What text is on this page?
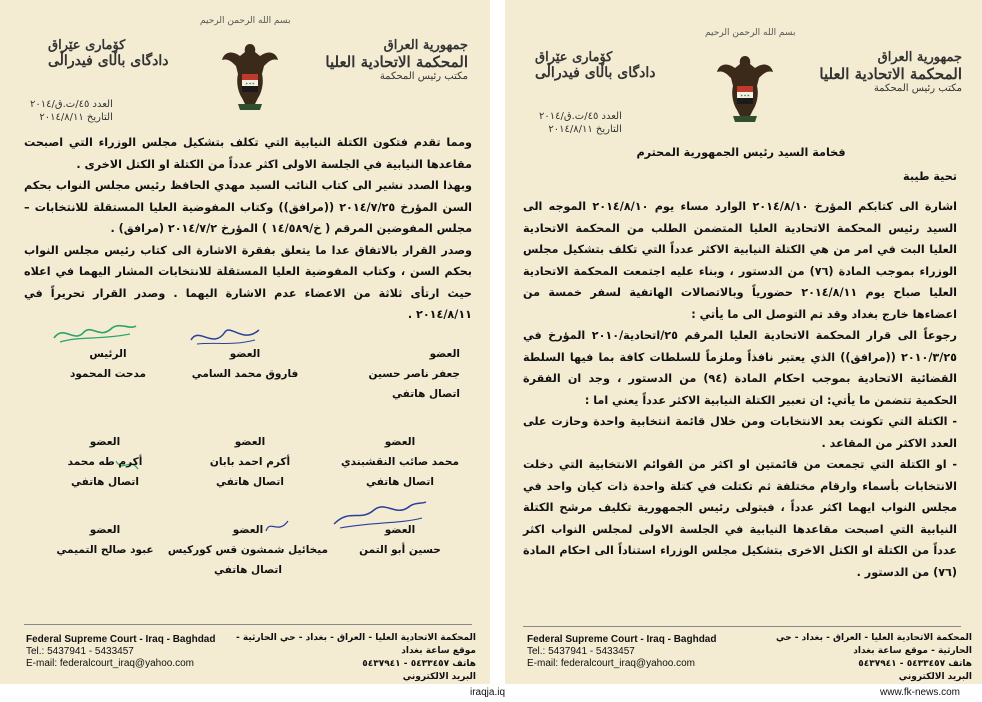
بسم الله الرحمن الرحيم
جمهورية العراق
المحكمة الاتحادية العليا
مكتب رئيس المحكمة
✶✶✶
كۆماری عێراق
دادگای باڵای فیدراڵی
العدد ٤٥/ت.ق/٢٠١٤
التاريخ ٢٠١٤/٨/١١

ومما تقدم فتكون الكتلة النيابية التي تكلف بتشكيل مجلس الوزراء التي اصبحت مقاعدها النيابية في الجلسة الاولى اكثر عدداً من الكتلة او الكتل الاخرى .

وبهذا الصدد نشير الى كتاب النائب السيد مهدي الحافظ رئيس مجلس النواب بحكم السن المؤرخ ٢٠١٤/٧/٢٥ ((مرافق)) وكتاب المفوضية العليا المستقلة للانتخابات – مجلس المفوضين المرقم ( خ/١٤/٥٨٩ ) المؤرخ ٢٠١٤/٧/٢ (مرافق) .

وصدر القرار بالاتفاق عدا ما يتعلق بفقرة الاشارة الى كتاب رئيس مجلس النواب بحكم السن ، وكتاب المفوضية العليا المستقلة للانتخابات المشار اليهما في اعلاه حيث ارتأى ثلاثة من الاعضاء عدم الاشارة اليهما . وصدر القرار تحريراً في ٢٠١٤/٨/١١ .

الرئيس
مدحت المحمود
العضو
فاروق محمد السامي
العضو
جعفر ناصر حسين
اتصال هاتفي
العضو
أكرم طه محمد
اتصال هاتفي
العضو
أكرم احمد بابان
اتصال هاتفي
العضو
محمد صائب النقشبندي
اتصال هاتفي
العضو
عبود صالح التميمي
العضو
ميخائيل شمشون قس كوركيس
اتصال هاتفي
العضو
حسين أبو التمن
Federal Supreme Court - Iraq - Baghdad
Tel.: 5437941 - 5433457
E-mail: federalcourt_iraq@yahoo.com
المحكمة الاتحادية العليا - العراق - بغداد - حي الحارثية - موقع ساعة بغداد
هاتف ٥٤٣٣٤٥٧ - ٥٤٣٧٩٤١
البريد الالكتروني
بسم الله الرحمن الرحيم
جمهورية العراق
المحكمة الاتحادية العليا
مكتب رئيس المحكمة
✶✶✶
كۆماری عێراق
دادگای باڵای فیدراڵی
العدد ٤٥/ت.ق/٢٠١٤
التاريخ ٢٠١٤/٨/١١
فخامة السيد رئيس الجمهورية المحترم
تحية طيبة

اشارة الى كتابكم المؤرخ ٢٠١٤/٨/١٠ الوارد مساء يوم ٢٠١٤/٨/١٠ الموجه الى السيد رئيس المحكمة الاتحادية العليا المتضمن الطلب من المحكمة الاتحادية العليا البت في امر من هي الكتلة النيابية الاكثر عدداً التي تكلف بتشكيل مجلس الوزراء بموجب المادة (٧٦) من الدستور ، وبناء عليه اجتمعت المحكمة الاتحادية العليا صباح يوم ٢٠١٤/٨/١١ حضورياً وبالاتصالات الهاتفية لسفر خمسة من اعضاءها خارج بغداد وقد تم التوصل الى ما يأتي :

رجوعاً الى قرار المحكمة الاتحادية العليا المرقم ٢٥/اتحادية/٢٠١٠ المؤرخ في ٢٠١٠/٣/٢٥ ((مرافق)) الذي يعتبر نافذاً وملزماً للسلطات كافة بما فيها السلطة القضائية الاتحادية بموجب احكام المادة (٩٤) من الدستور ، وجد ان الفقرة الحكمية تتضمن ما يأتي: ان تعبير الكتلة النيابية الاكثر عدداً يعني اما :

- الكتلة التي تكونت بعد الانتخابات ومن خلال قائمة انتخابية واحدة وحازت على العدد الاكثر من المقاعد .

- او الكتلة التي تجمعت من قائمتين او اكثر من القوائم الانتخابية التي دخلت الانتخابات بأسماء وارقام مختلفة ثم تكتلت في كتلة واحدة ذات كيان واحد في مجلس النواب ايهما اكثر عدداً ، فيتولى رئيس الجمهورية تكليف مرشح الكتلة النيابية التي اصبحت مقاعدها النيابية في الجلسة الاولى لمجلس النواب اكثر عدداً من الكتلة او الكتل الاخرى بتشكيل مجلس الوزراء استناداً الى احكام المادة (٧٦) من الدستور .

Federal Supreme Court - Iraq - Baghdad
Tel.: 5437941 - 5433457
E-mail: federalcourt_iraq@yahoo.com
المحكمة الاتحادية العليا - العراق - بغداد - حي الحارثية - موقع ساعة بغداد
هاتف ٥٤٣٣٤٥٧ - ٥٤٣٧٩٤١
البريد الالكتروني
iraqja.iq	www.fk-news.com
